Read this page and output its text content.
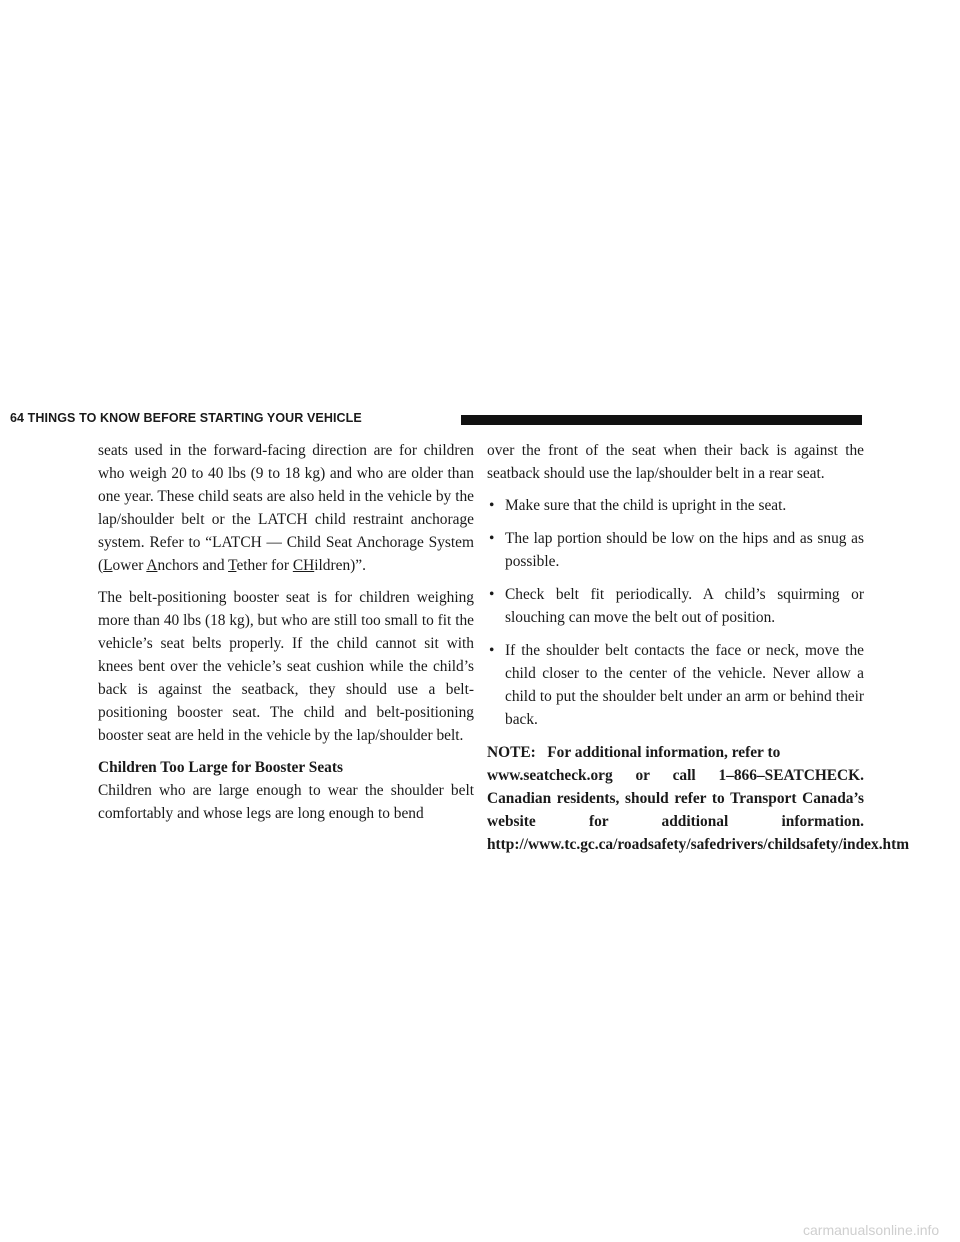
64 THINGS TO KNOW BEFORE STARTING YOUR VEHICLE

seats used in the forward-facing direction are for children who weigh 20 to 40 lbs (9 to 18 kg) and who are older than one year. These child seats are also held in the vehicle by the lap/shoulder belt or the LATCH child restraint anchorage system. Refer to “LATCH — Child Seat Anchorage System (Lower Anchors and Tether for CHildren)”.

The belt-positioning booster seat is for children weighing more than 40 lbs (18 kg), but who are still too small to fit the vehicle’s seat belts properly. If the child cannot sit with knees bent over the vehicle’s seat cushion while the child’s back is against the seatback, they should use a belt-positioning booster seat. The child and belt-positioning booster seat are held in the vehicle by the lap/shoulder belt.

Children Too Large for Booster Seats

Children who are large enough to wear the shoulder belt comfortably and whose legs are long enough to bend

over the front of the seat when their back is against the seatback should use the lap/shoulder belt in a rear seat.

• Make sure that the child is upright in the seat.
• The lap portion should be low on the hips and as snug as possible.
• Check belt fit periodically. A child’s squirming or slouching can move the belt out of position.
• If the shoulder belt contacts the face or neck, move the child closer to the center of the vehicle. Never allow a child to put the shoulder belt under an arm or behind their back.
NOTE:   For additional information, refer to
www.seatcheck.org or call 1–866–SEATCHECK. Canadian residents, should refer to Transport Canada’s website for additional information. http://www.tc.gc.ca/roadsafety/safedrivers/childsafety/index.htm
carmanualsonline.info
